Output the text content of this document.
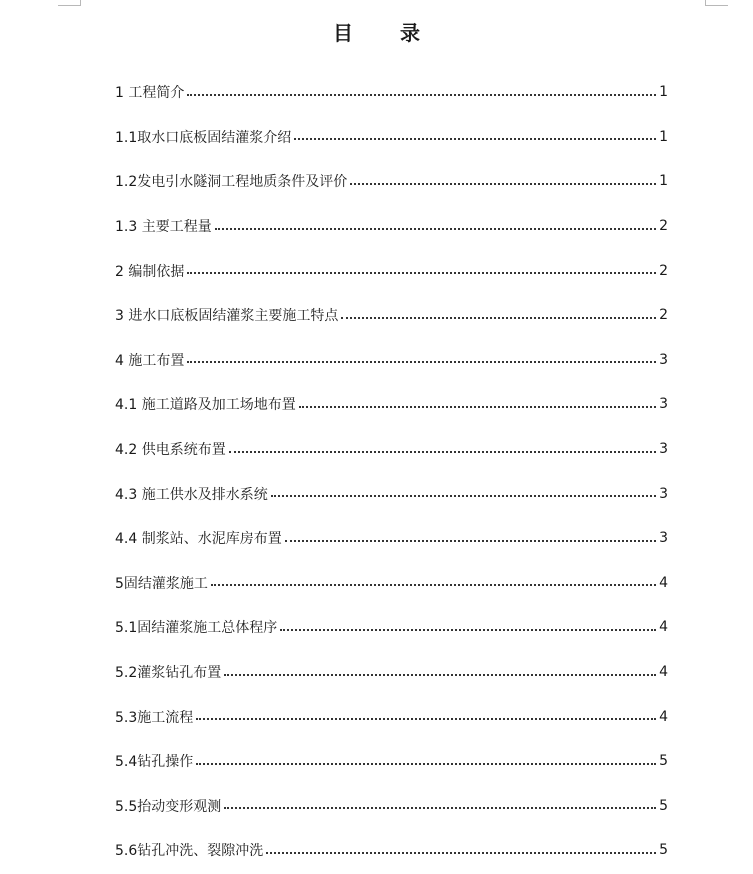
目 录
1 工程简介	1
1.1取水口底板固结灌浆介绍	1
1.2发电引水隧洞工程地质条件及评价	1
1.3 主要工程量	2
2 编制依据	2
3 进水口底板固结灌浆主要施工特点	2
4 施工布置	3
4.1 施工道路及加工场地布置	3
4.2 供电系统布置	3
4.3 施工供水及排水系统	3
4.4 制浆站、水泥库房布置	3
5固结灌浆施工	4
5.1固结灌浆施工总体程序	4
5.2灌浆钻孔布置	4
5.3施工流程	4
5.4钻孔操作	5
5.5抬动变形观测	5
5.6钻孔冲洗、裂隙冲洗	5
